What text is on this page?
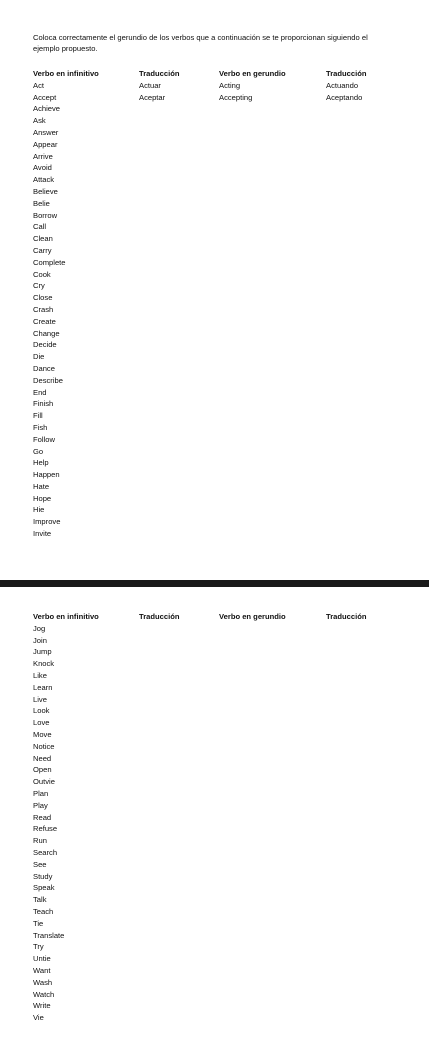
Coloca correctamente el gerundio de los verbos que a continuación se te proporcionan siguiendo el ejemplo propuesto.
Verbo en infinitivo	Traducción	Verbo en gerundio	Traducción
Act	Actuar	Acting	Actuando
Accept	Aceptar	Accepting	Aceptando
Achieve
Ask
Answer
Appear
Arrive
Avoid
Attack
Believe
Belie
Borrow
Call
Clean
Carry
Complete
Cook
Cry
Close
Crash
Create
Change
Decide
Die
Dance
Describe
End
Finish
Fill
Fish
Follow
Go
Help
Happen
Hate
Hope
Hie
Improve
Invite
Verbo en infinitivo	Traducción	Verbo en gerundio	Traducción
Jog
Join
Jump
Knock
Like
Learn
Live
Look
Love
Move
Notice
Need
Open
Outvie
Plan
Play
Read
Refuse
Run
Search
See
Study
Speak
Talk
Teach
Tie
Translate
Try
Untie
Want
Wash
Watch
Write
Vie
